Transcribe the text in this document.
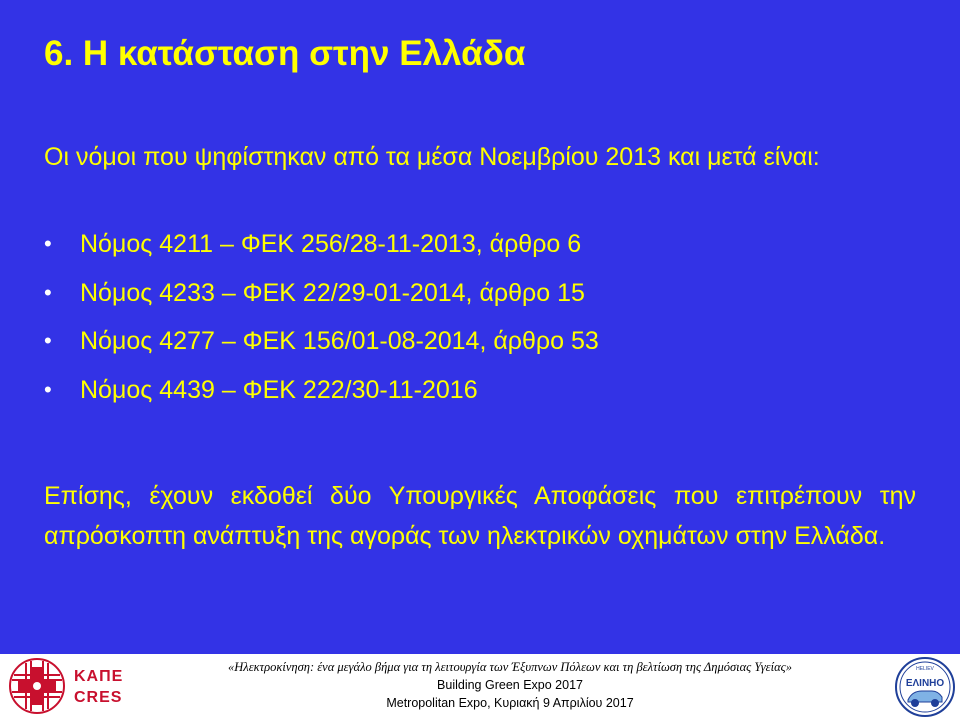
6. Η κατάσταση στην Ελλάδα
Οι νόμοι που ψηφίστηκαν από τα μέσα Νοεμβρίου 2013 και μετά είναι:
• Νόμος 4211 – ΦΕΚ 256/28-11-2013, άρθρο 6
• Νόμος 4233 – ΦΕΚ 22/29-01-2014, άρθρο 15
• Νόμος 4277 – ΦΕΚ 156/01-08-2014, άρθρο 53
• Νόμος 4439 – ΦΕΚ 222/30-11-2016
Επίσης, έχουν εκδοθεί δύο Υπουργικές Αποφάσεις που επιτρέπουν την απρόσκοπτη ανάπτυξη της αγοράς των ηλεκτρικών οχημάτων στην Ελλάδα.
ΚΑΠΕ
CRES
«Ηλεκτροκίνηση: ένα μεγάλο βήμα για τη λειτουργία των Έξυπνων Πόλεων και τη βελτίωση της Δημόσιας Υγείας»
Building Green Expo 2017
Metropolitan Expo, Κυριακή 9 Απριλίου 2017
HELIEV
ΕΛΙΝΗΟ
